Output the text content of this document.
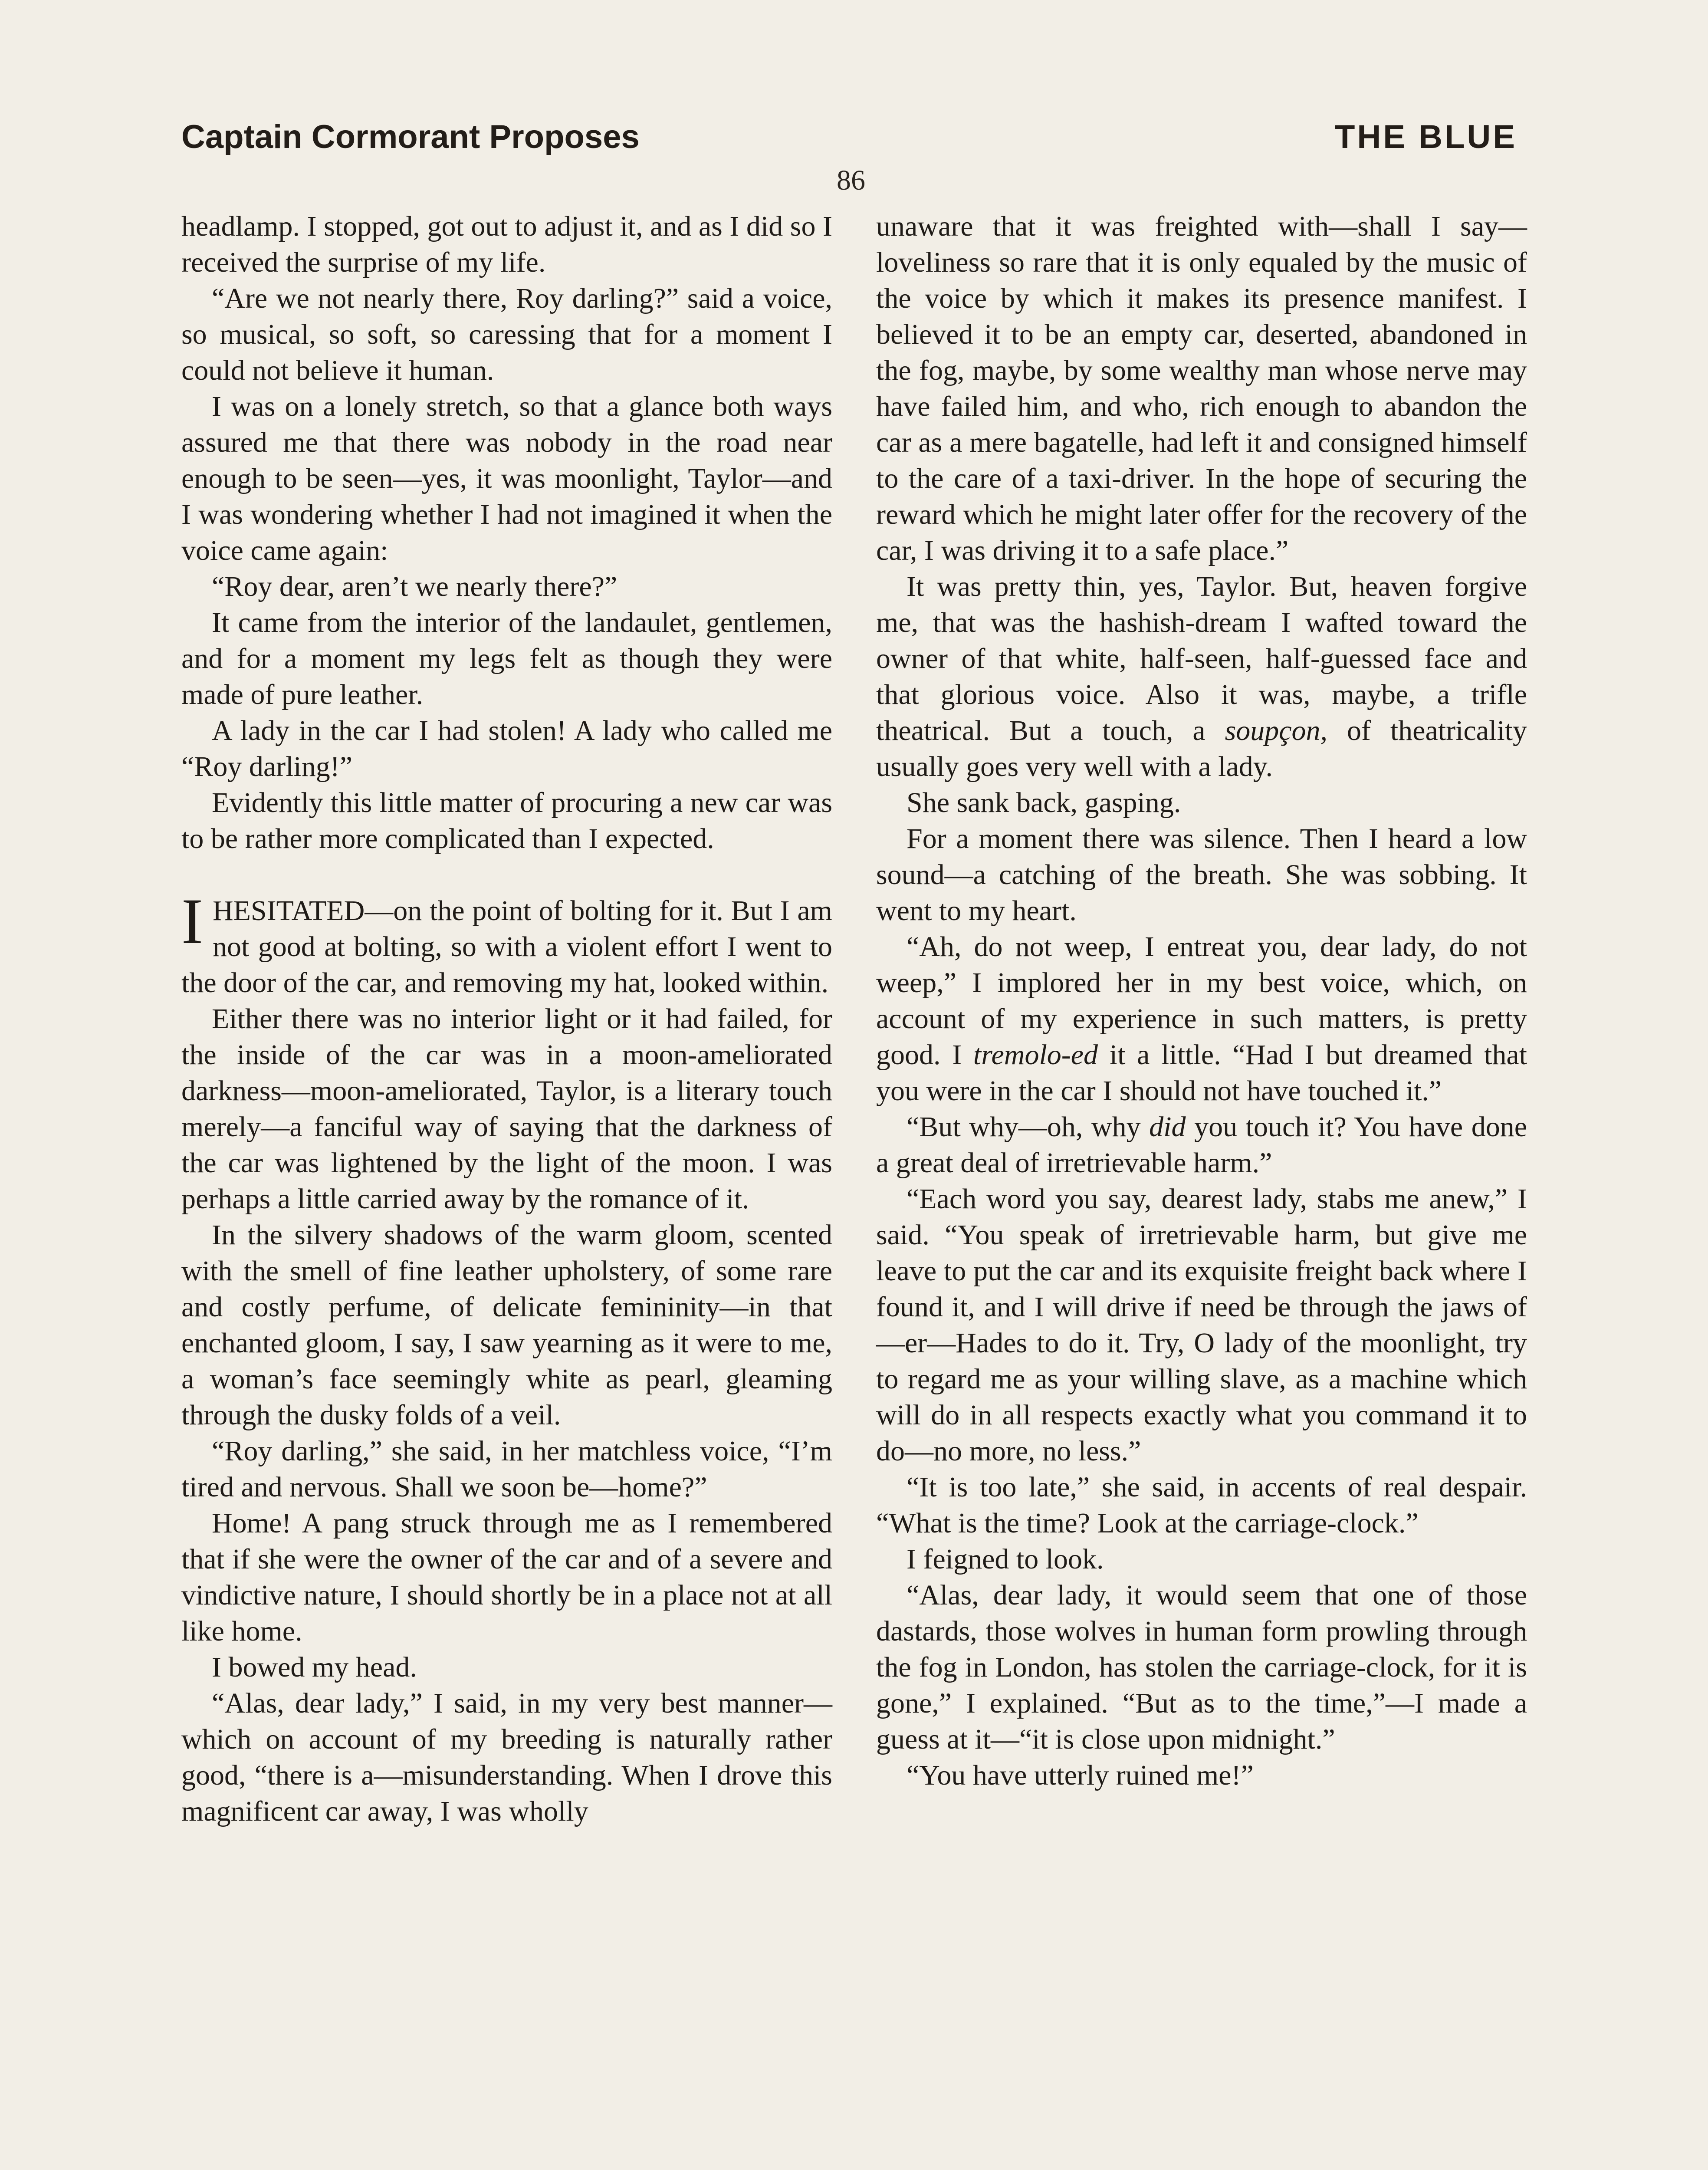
Captain Cormorant Proposes	THE BLUE
86

headlamp. I stopped, got out to adjust it, and as I did so I received the surprise of my life.

“Are we not nearly there, Roy darling?” said a voice, so musical, so soft, so caressing that for a moment I could not believe it human.

I was on a lonely stretch, so that a glance both ways assured me that there was nobody in the road near enough to be seen—yes, it was moonlight, Taylor—and I was wondering whether I had not imagined it when the voice came again:

“Roy dear, aren’t we nearly there?”

It came from the interior of the landaulet, gentlemen, and for a moment my legs felt as though they were made of pure leather.

A lady in the car I had stolen! A lady who called me “Roy darling!”

Evidently this little matter of procuring a new car was to be rather more complicated than I expected.

IHESITATED—on the point of bolting for it. But I am not good at bolting, so with a violent effort I went to the door of the car, and removing my hat, looked within.

Either there was no interior light or it had failed, for the inside of the car was in a moon-ameliorated darkness—moon-ameliorated, Taylor, is a literary touch merely—a fanciful way of saying that the darkness of the car was lightened by the light of the moon. I was perhaps a little carried away by the romance of it.

In the silvery shadows of the warm gloom, scented with the smell of fine leather upholstery, of some rare and costly perfume, of delicate femininity—in that enchanted gloom, I say, I saw yearning as it were to me, a woman’s face seemingly white as pearl, gleaming through the dusky folds of a veil.

“Roy darling,” she said, in her matchless voice, “I’m tired and nervous. Shall we soon be—home?”

Home! A pang struck through me as I remembered that if she were the owner of the car and of a severe and vindictive nature, I should shortly be in a place not at all like home.

I bowed my head.

“Alas, dear lady,” I said, in my very best manner—which on account of my breeding is naturally rather good, “there is a—misunderstanding. When I drove this magnificent car away, I was wholly

unaware that it was freighted with—shall I say—loveliness so rare that it is only equaled by the music of the voice by which it makes its presence manifest. I believed it to be an empty car, deserted, abandoned in the fog, maybe, by some wealthy man whose nerve may have failed him, and who, rich enough to abandon the car as a mere bagatelle, had left it and consigned himself to the care of a taxi-driver. In the hope of securing the reward which he might later offer for the recovery of the car, I was driving it to a safe place.”

It was pretty thin, yes, Taylor. But, heaven forgive me, that was the hashish-dream I wafted toward the owner of that white, half-seen, half-guessed face and that glorious voice. Also it was, maybe, a trifle theatrical. But a touch, a soupçon, of theatricality usually goes very well with a lady.

She sank back, gasping.

For a moment there was silence. Then I heard a low sound—a catching of the breath. She was sobbing. It went to my heart.

“Ah, do not weep, I entreat you, dear lady, do not weep,” I implored her in my best voice, which, on account of my experience in such matters, is pretty good. I tremolo-ed it a little. “Had I but dreamed that you were in the car I should not have touched it.”

“But why—oh, why did you touch it? You have done a great deal of irretrievable harm.”

“Each word you say, dearest lady, stabs me anew,” I said. “You speak of irretrievable harm, but give me leave to put the car and its exquisite freight back where I found it, and I will drive if need be through the jaws of—er—Hades to do it. Try, O lady of the moonlight, try to regard me as your willing slave, as a machine which will do in all respects exactly what you command it to do—no more, no less.”

“It is too late,” she said, in accents of real despair. “What is the time? Look at the carriage-clock.”

I feigned to look.

“Alas, dear lady, it would seem that one of those dastards, those wolves in human form prowling through the fog in London, has stolen the carriage-clock, for it is gone,” I explained. “But as to the time,”—I made a guess at it—“it is close upon midnight.”

“You have utterly ruined me!”
